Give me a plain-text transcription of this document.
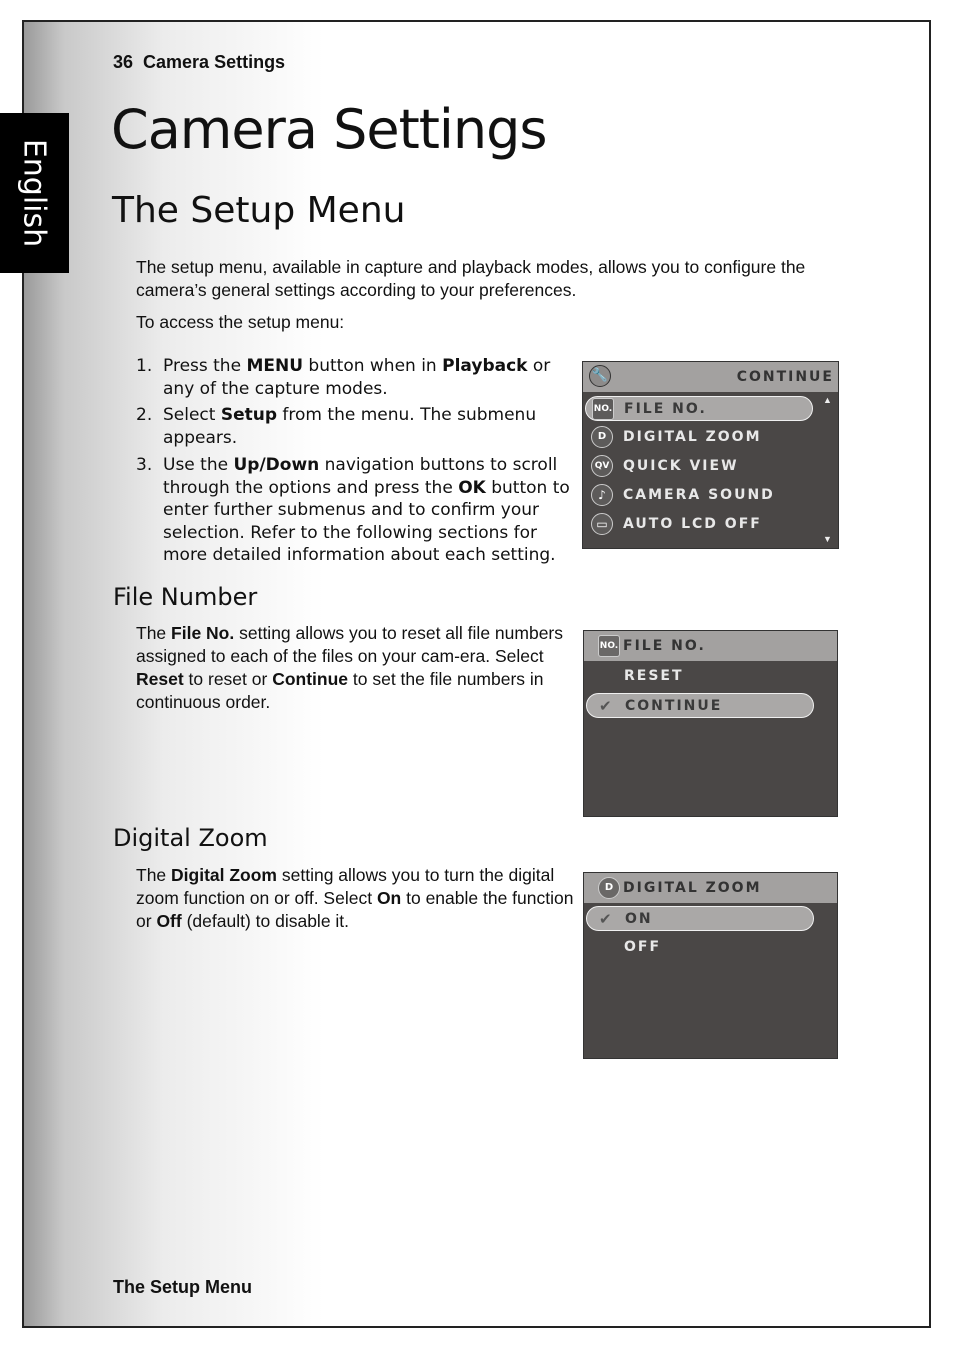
English
36  Camera Settings
Camera Settings
The Setup Menu
The setup menu, available in capture and playback modes, allows you to configure the camera’s general settings according to your preferences.
To access the setup menu:
1. Press the MENU button when in Playback or any of the capture modes.
2. Select Setup from the menu. The submenu appears.
3. Use the Up/Down navigation buttons to scroll through the options and press the OK button to enter further submenus and to confirm your selection. Refer to the following sections for more detailed information about each setting.
🔧	CONTINUE
NO. FILE NO.
▲
D	DIGITAL ZOOM
QV QUICK VIEW
♪	CAMERA SOUND
▭	AUTO LCD OFF
▼
File Number
The File No. setting allows you to reset all file numbers assigned to each of the files on your cam-era. Select Reset to reset or Continue to set the file numbers in continuous order.
NO. FILE NO.
RESET
✔ CONTINUE
Digital Zoom
The Digital Zoom setting allows you to turn the digital zoom function on or off. Select On to enable the function or Off (default) to disable it.
D DIGITAL ZOOM
✔ ON
OFF
The Setup Menu
